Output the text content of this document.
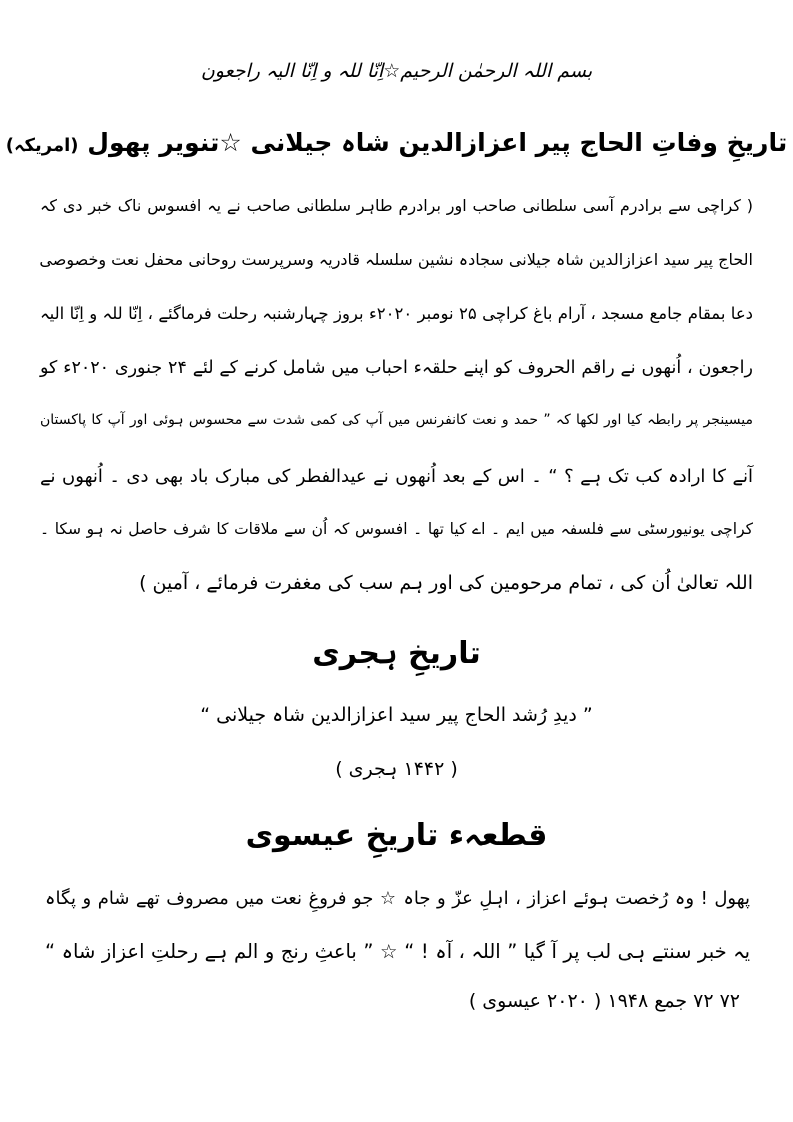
بسم اللہ الرحمٰن الرحیم☆اِنّا للہ و اِنّا الیہ راجعون
تاریخِ وفاتِ الحاج پیر اعزازالدین شاہ جیلانی ☆تنویر پھول (امریکہ)
( کراچی سے برادرم آسی سلطانی صاحب اور برادرم طاہر سلطانی صاحب نے یہ افسوس ناک خبر دی کہ
الحاج پیر سید اعزازالدین شاہ جیلانی سجادہ نشین سلسلہ قادریہ وسرپرست روحانی محفل نعت وخصوصی
دعا بمقام جامع مسجد ، آرام باغ کراچی ۲۵ نومبر ۲۰۲۰ء بروز چہارشنبہ رحلت فرماگئے ، اِنّا للہ و اِنّا الیہ
راجعون ، اُنھوں نے راقم الحروف کو اپنے حلقہء احباب میں شامل کرنے کے لئے ۲۴ جنوری ۲۰۲۰ء کو
میسینجر پر رابطہ کیا اور لکھا کہ ” حمد و نعت کانفرنس میں آپ کی کمی شدت سے محسوس ہوئی اور آپ کا پاکستان
آنے کا ارادہ کب تک ہے ؟ “ ۔ اس کے بعد اُنھوں نے عیدالفطر کی مبارک باد بھی دی ۔ اُنھوں نے
کراچی یونیورسٹی سے فلسفہ میں ایم ۔ اے کیا تھا ۔ افسوس کہ اُن سے ملاقات کا شرف حاصل نہ ہو سکا ۔
اللہ تعالیٰ اُن کی ، تمام مرحومین کی اور ہم سب کی مغفرت فرمائے ، آمین )
تاریخِ ہجری
” دیدِ رُشد الحاج پیر سید اعزازالدین شاہ جیلانی “
( ۱۴۴۲ ہجری )
قطعہء تاریخِ عیسوی
پھول ! وہ رُخصت ہوئے اعزاز ، اہلِ عزّ و جاہ ☆ جو فروغِ نعت میں مصروف تھے شام و پگاہ
یہ خبر سنتے ہی لب پر آ گیا ” اللہ ، آہ ! “ ☆ ” باعثِ رنج و الم ہے رحلتِ اعزاز شاہ “
۷۲ ۷۲ جمع ۱۹۴۸ ( ۲۰۲۰ عیسوی )
